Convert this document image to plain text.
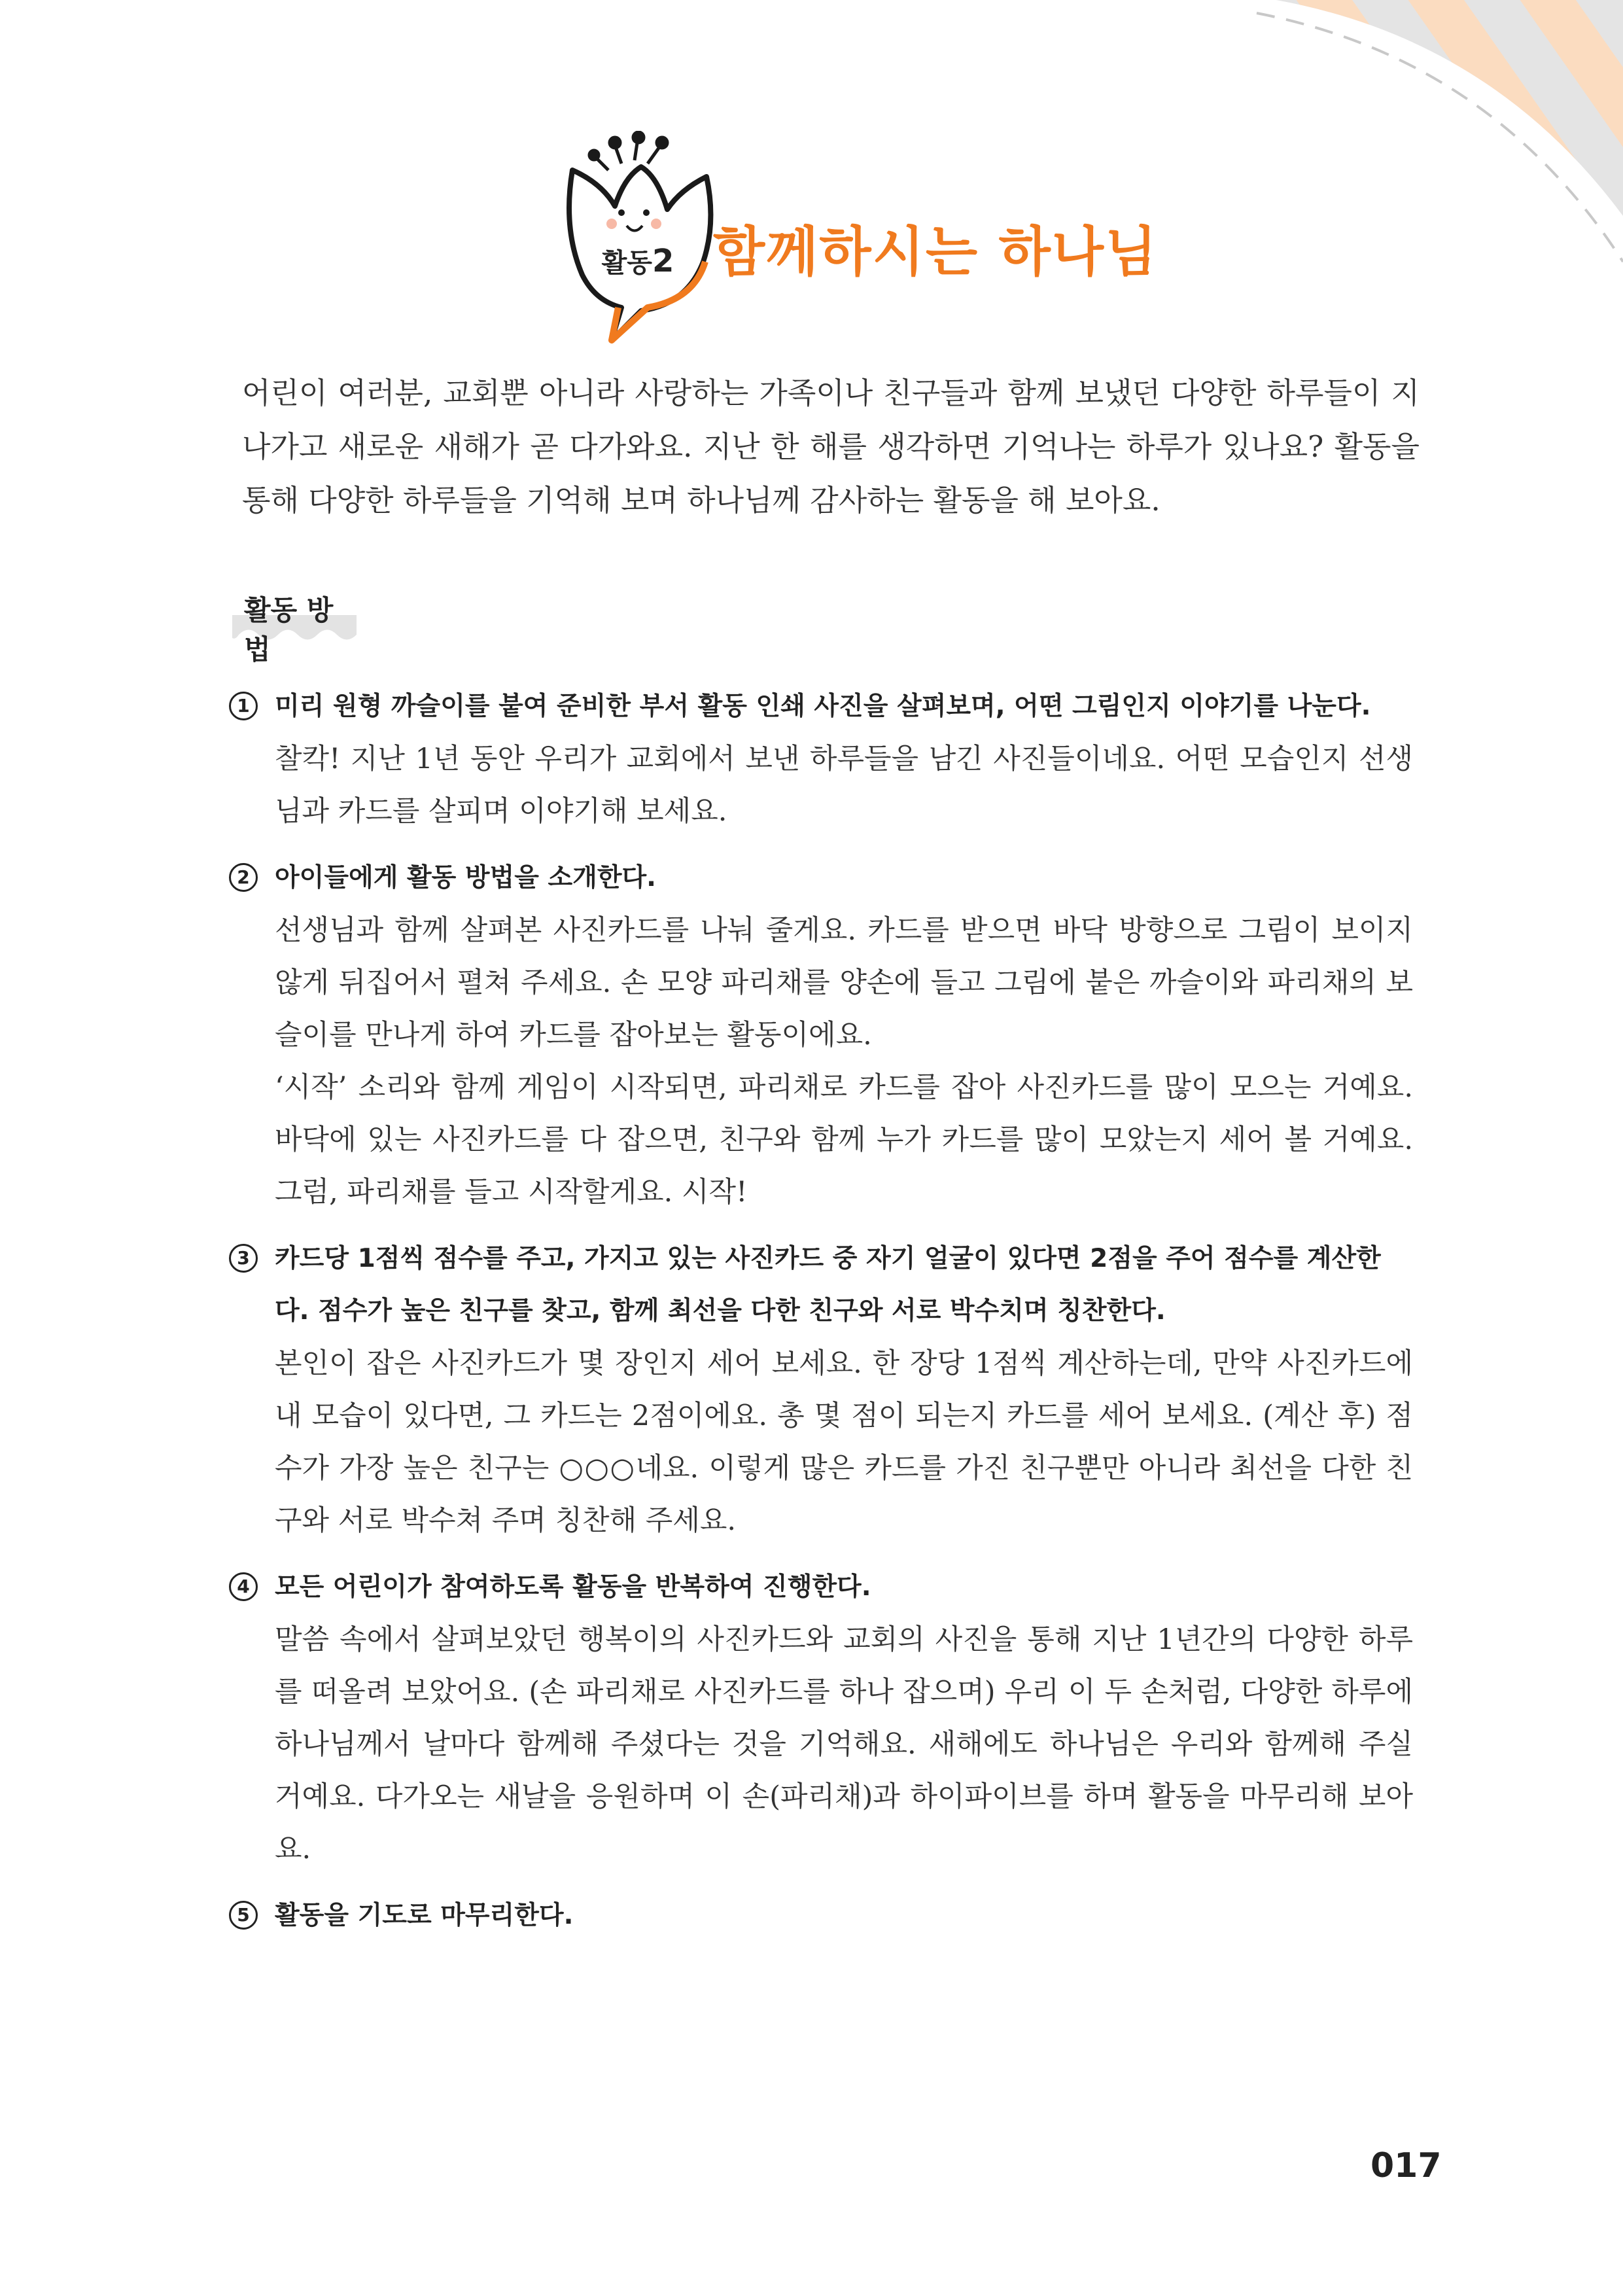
활동2 함께하시는 하나님
어린이 여러분, 교회뿐 아니라 사랑하는 가족이나 친구들과 함께 보냈던 다양한 하루들이 지나가고 새로운 새해가 곧 다가와요. 지난 한 해를 생각하면 기억나는 하루가 있나요? 활동을 통해 다양한 하루들을 기억해 보며 하나님께 감사하는 활동을 해 보아요.
활동 방법
1 미리 원형 까슬이를 붙여 준비한 부서 활동 인쇄 사진을 살펴보며, 어떤 그림인지 이야기를 나눈다.

찰칵! 지난 1년 동안 우리가 교회에서 보낸 하루들을 남긴 사진들이네요. 어떤 모습인지 선생님과 카드를 살피며 이야기해 보세요.

2 아이들에게 활동 방법을 소개한다.

선생님과 함께 살펴본 사진카드를 나눠 줄게요. 카드를 받으면 바닥 방향으로 그림이 보이지 않게 뒤집어서 펼쳐 주세요. 손 모양 파리채를 양손에 들고 그림에 붙은 까슬이와 파리채의 보슬이를 만나게 하여 카드를 잡아보는 활동이에요.

‘시작’ 소리와 함께 게임이 시작되면, 파리채로 카드를 잡아 사진카드를 많이 모으는 거예요. 바닥에 있는 사진카드를 다 잡으면, 친구와 함께 누가 카드를 많이 모았는지 세어 볼 거예요. 그럼, 파리채를 들고 시작할게요. 시작!

3 카드당 1점씩 점수를 주고, 가지고 있는 사진카드 중 자기 얼굴이 있다면 2점을 주어 점수를 계산한다. 점수가 높은 친구를 찾고, 함께 최선을 다한 친구와 서로 박수치며 칭찬한다.

본인이 잡은 사진카드가 몇 장인지 세어 보세요. 한 장당 1점씩 계산하는데, 만약 사진카드에 내 모습이 있다면, 그 카드는 2점이에요. 총 몇 점이 되는지 카드를 세어 보세요. (계산 후) 점수가 가장 높은 친구는 ○○○네요. 이렇게 많은 카드를 가진 친구뿐만 아니라 최선을 다한 친구와 서로 박수쳐 주며 칭찬해 주세요.

4 모든 어린이가 참여하도록 활동을 반복하여 진행한다.

말씀 속에서 살펴보았던 행복이의 사진카드와 교회의 사진을 통해 지난 1년간의 다양한 하루를 떠올려 보았어요. (손 파리채로 사진카드를 하나 잡으며) 우리 이 두 손처럼, 다양한 하루에 하나님께서 날마다 함께해 주셨다는 것을 기억해요. 새해에도 하나님은 우리와 함께해 주실 거예요. 다가오는 새날을 응원하며 이 손(파리채)과 하이파이브를 하며 활동을 마무리해 보아요.

5 활동을 기도로 마무리한다.
017
